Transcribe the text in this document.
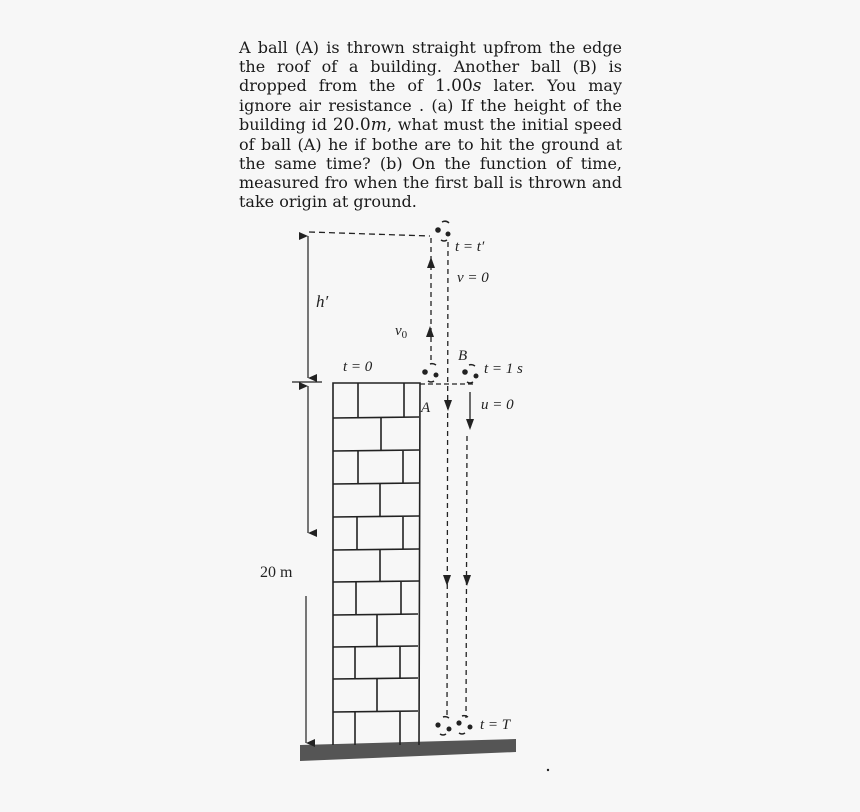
A ball (A) is thrown straight upfrom the edge the roof of a building. Another ball (B) is dropped from the of 1.00s later. You may ignore air resistance . (a) If the height of the building id 20.0m, what must the initial speed of ball (A) he if bothe are to hit the ground at the same time? (b) On the function of time, measured fro when the first ball is thrown and take origin at ground.
t = t′
v = 0
h′
$v_0$
t = 0
B
t = 1 s
A	u = 0
20 m
t = T
